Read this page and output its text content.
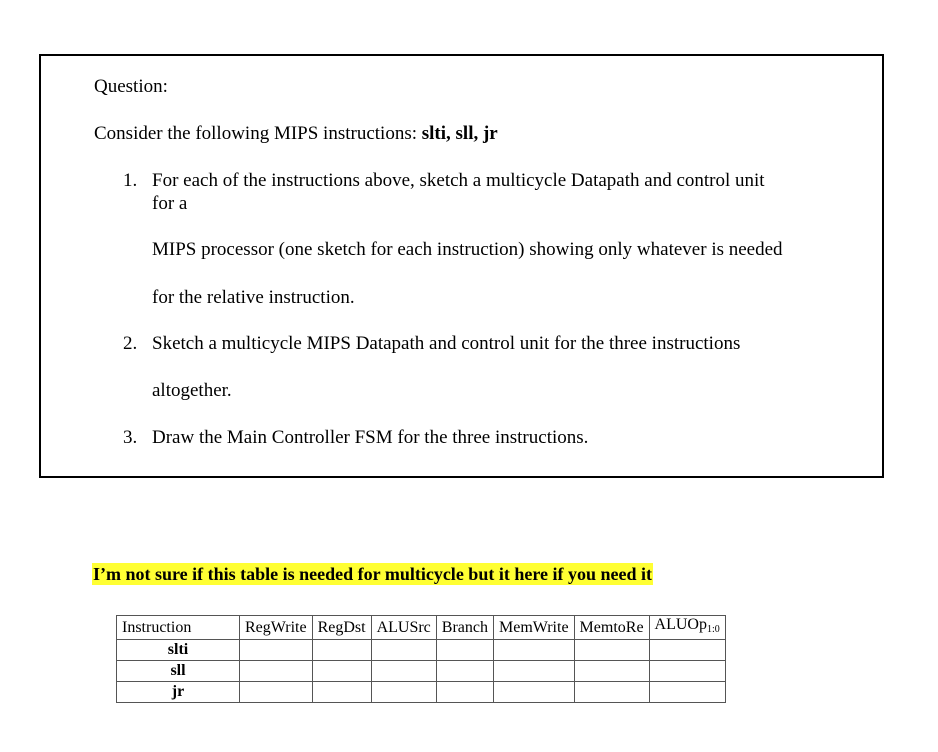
Question:
Consider the following MIPS instructions: slti, sll, jr
1. For each of the instructions above, sketch a multicycle Datapath and control unit
for a
MIPS processor (one sketch for each instruction) showing only whatever is needed
for the relative instruction.
2. Sketch a multicycle MIPS Datapath and control unit for the three instructions
altogether.
3. Draw the Main Controller FSM for the three instructions.
I’m not sure if this table is needed for multicycle but it here if you need it
Instruction	RegWrite	RegDst	ALUSrc	Branch	MemWrite	MemtoRe	ALUOp$_{1:0}$
slti							
sll							
jr							
